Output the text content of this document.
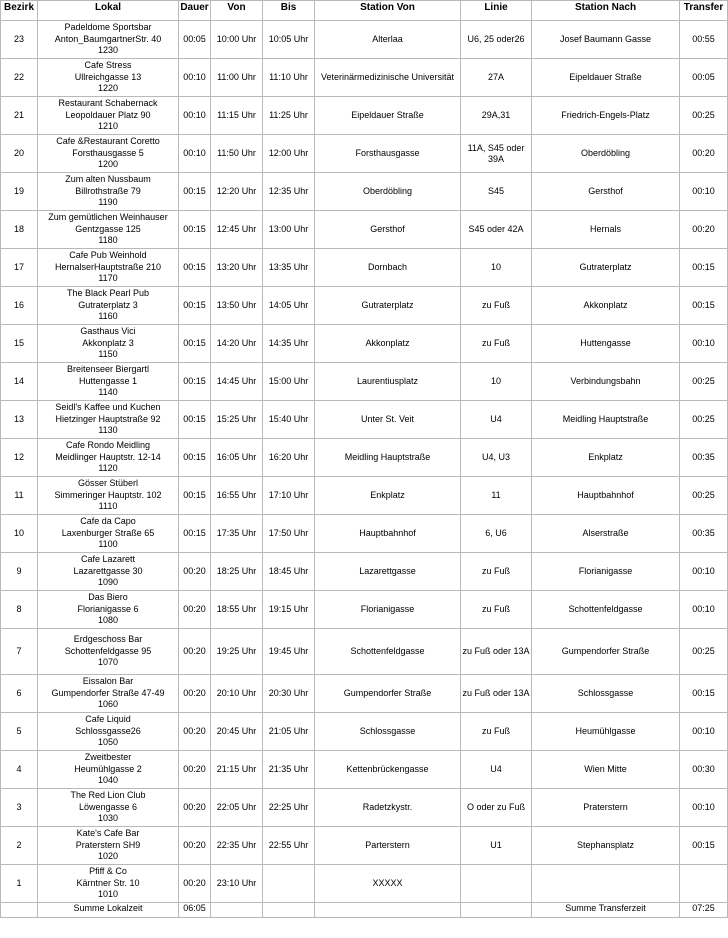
Bezirk	Lokal	Dauer	Von	Bis	Station Von	Linie	Station Nach	Transfer
23	Padeldome Sportsbar
Anton_BaumgartnerStr. 40
1230	00:05	10:00 Uhr	10:05 Uhr	Alterlaa	U6, 25 oder26	Josef Baumann Gasse	00:55
22	Cafe Stress
Ullreichgasse 13
1220	00:10	11:00 Uhr	11:10 Uhr	Veterinärmedizinische Universität	27A	Eipeldauer Straße	00:05
21	Restaurant Schabernack
Leopoldauer Platz 90
1210	00:10	11:15 Uhr	11:25 Uhr	Eipeldauer Straße	29A,31	Friedrich-Engels-Platz	00:25
20	Cafe &Restaurant Coretto
Forsthausgasse 5
1200	00:10	11:50 Uhr	12:00 Uhr	Forsthausgasse	11A, S45 oder 39A	Oberdöbling	00:20
19	Zum alten Nussbaum
Billrothstraße 79
1190	00:15	12:20 Uhr	12:35 Uhr	Oberdöbling	S45	Gersthof	00:10
18	Zum gemütlichen Weinhauser
Gentzgasse 125
1180	00:15	12:45 Uhr	13:00 Uhr	Gersthof	S45 oder 42A	Hernals	00:20
17	Cafe Pub Weinhold
HernalserHauptstraße 210
1170	00:15	13:20 Uhr	13:35 Uhr	Dornbach	10	Gutraterplatz	00:15
16	The Black Pearl Pub
Gutraterplatz 3
1160	00:15	13:50 Uhr	14:05 Uhr	Gutraterplatz	zu Fuß	Akkonplatz	00:15
15	Gasthaus Vici
Akkonplatz 3
1150	00:15	14:20 Uhr	14:35 Uhr	Akkonplatz	zu Fuß	Huttengasse	00:10
14	Breitenseer Biergartl
Huttengasse 1
1140	00:15	14:45 Uhr	15:00 Uhr	Laurentiusplatz	10	Verbindungsbahn	00:25
13	Seidl's Kaffee und Kuchen
Hietzinger Hauptstraße 92
1130	00:15	15:25 Uhr	15:40 Uhr	Unter St. Veit	U4	Meidling Hauptstraße	00:25
12	Cafe Rondo Meidling
Meidlinger Hauptstr. 12-14
1120	00:15	16:05 Uhr	16:20 Uhr	Meidling Hauptstraße	U4, U3	Enkplatz	00:35
11	Gösser Stüberl
Simmeringer Hauptstr. 102
1110	00:15	16:55 Uhr	17:10 Uhr	Enkplatz	11	Hauptbahnhof	00:25
10	Cafe da Capo
Laxenburger Straße 65
1100	00:15	17:35 Uhr	17:50 Uhr	Hauptbahnhof	6, U6	Alserstraße	00:35
9	Cafe Lazarett
Lazarettgasse 30
1090	00:20	18:25 Uhr	18:45 Uhr	Lazarettgasse	zu Fuß	Florianigasse	00:10
8	Das Biero
Florianigasse 6
1080	00:20	18:55 Uhr	19:15 Uhr	Florianigasse	zu Fuß	Schottenfeldgasse	00:10
7	Erdgeschoss Bar
Schottenfeldgasse 95
1070	00:20	19:25 Uhr	19:45 Uhr	Schottenfeldgasse	zu Fuß oder 13A	Gumpendorfer Straße	00:25
6	Eissalon Bar
Gumpendorfer Straße 47-49
1060	00:20	20:10 Uhr	20:30 Uhr	Gumpendorfer Straße	zu Fuß oder 13A	Schlossgasse	00:15
5	Cafe Liquid
Schlossgasse26
1050	00:20	20:45 Uhr	21:05 Uhr	Schlossgasse	zu Fuß	Heumühlgasse	00:10
4	Zweitbester
Heumühlgasse 2
1040	00:20	21:15 Uhr	21:35 Uhr	Kettenbrückengasse	U4	Wien Mitte	00:30
3	The Red Lion Club
Löwengasse 6
1030	00:20	22:05 Uhr	22:25 Uhr	Radetzkystr.	O oder zu Fuß	Praterstern	00:10
2	Kate's Cafe Bar
Praterstern SH9
1020	00:20	22:35 Uhr	22:55 Uhr	Parterstern	U1	Stephansplatz	00:15
1	Pfiff & Co
Kärntner Str. 10
1010	00:20	23:10 Uhr		XXXXX			
	Summe Lokalzeit	06:05					Summe Transferzeit	07:25
